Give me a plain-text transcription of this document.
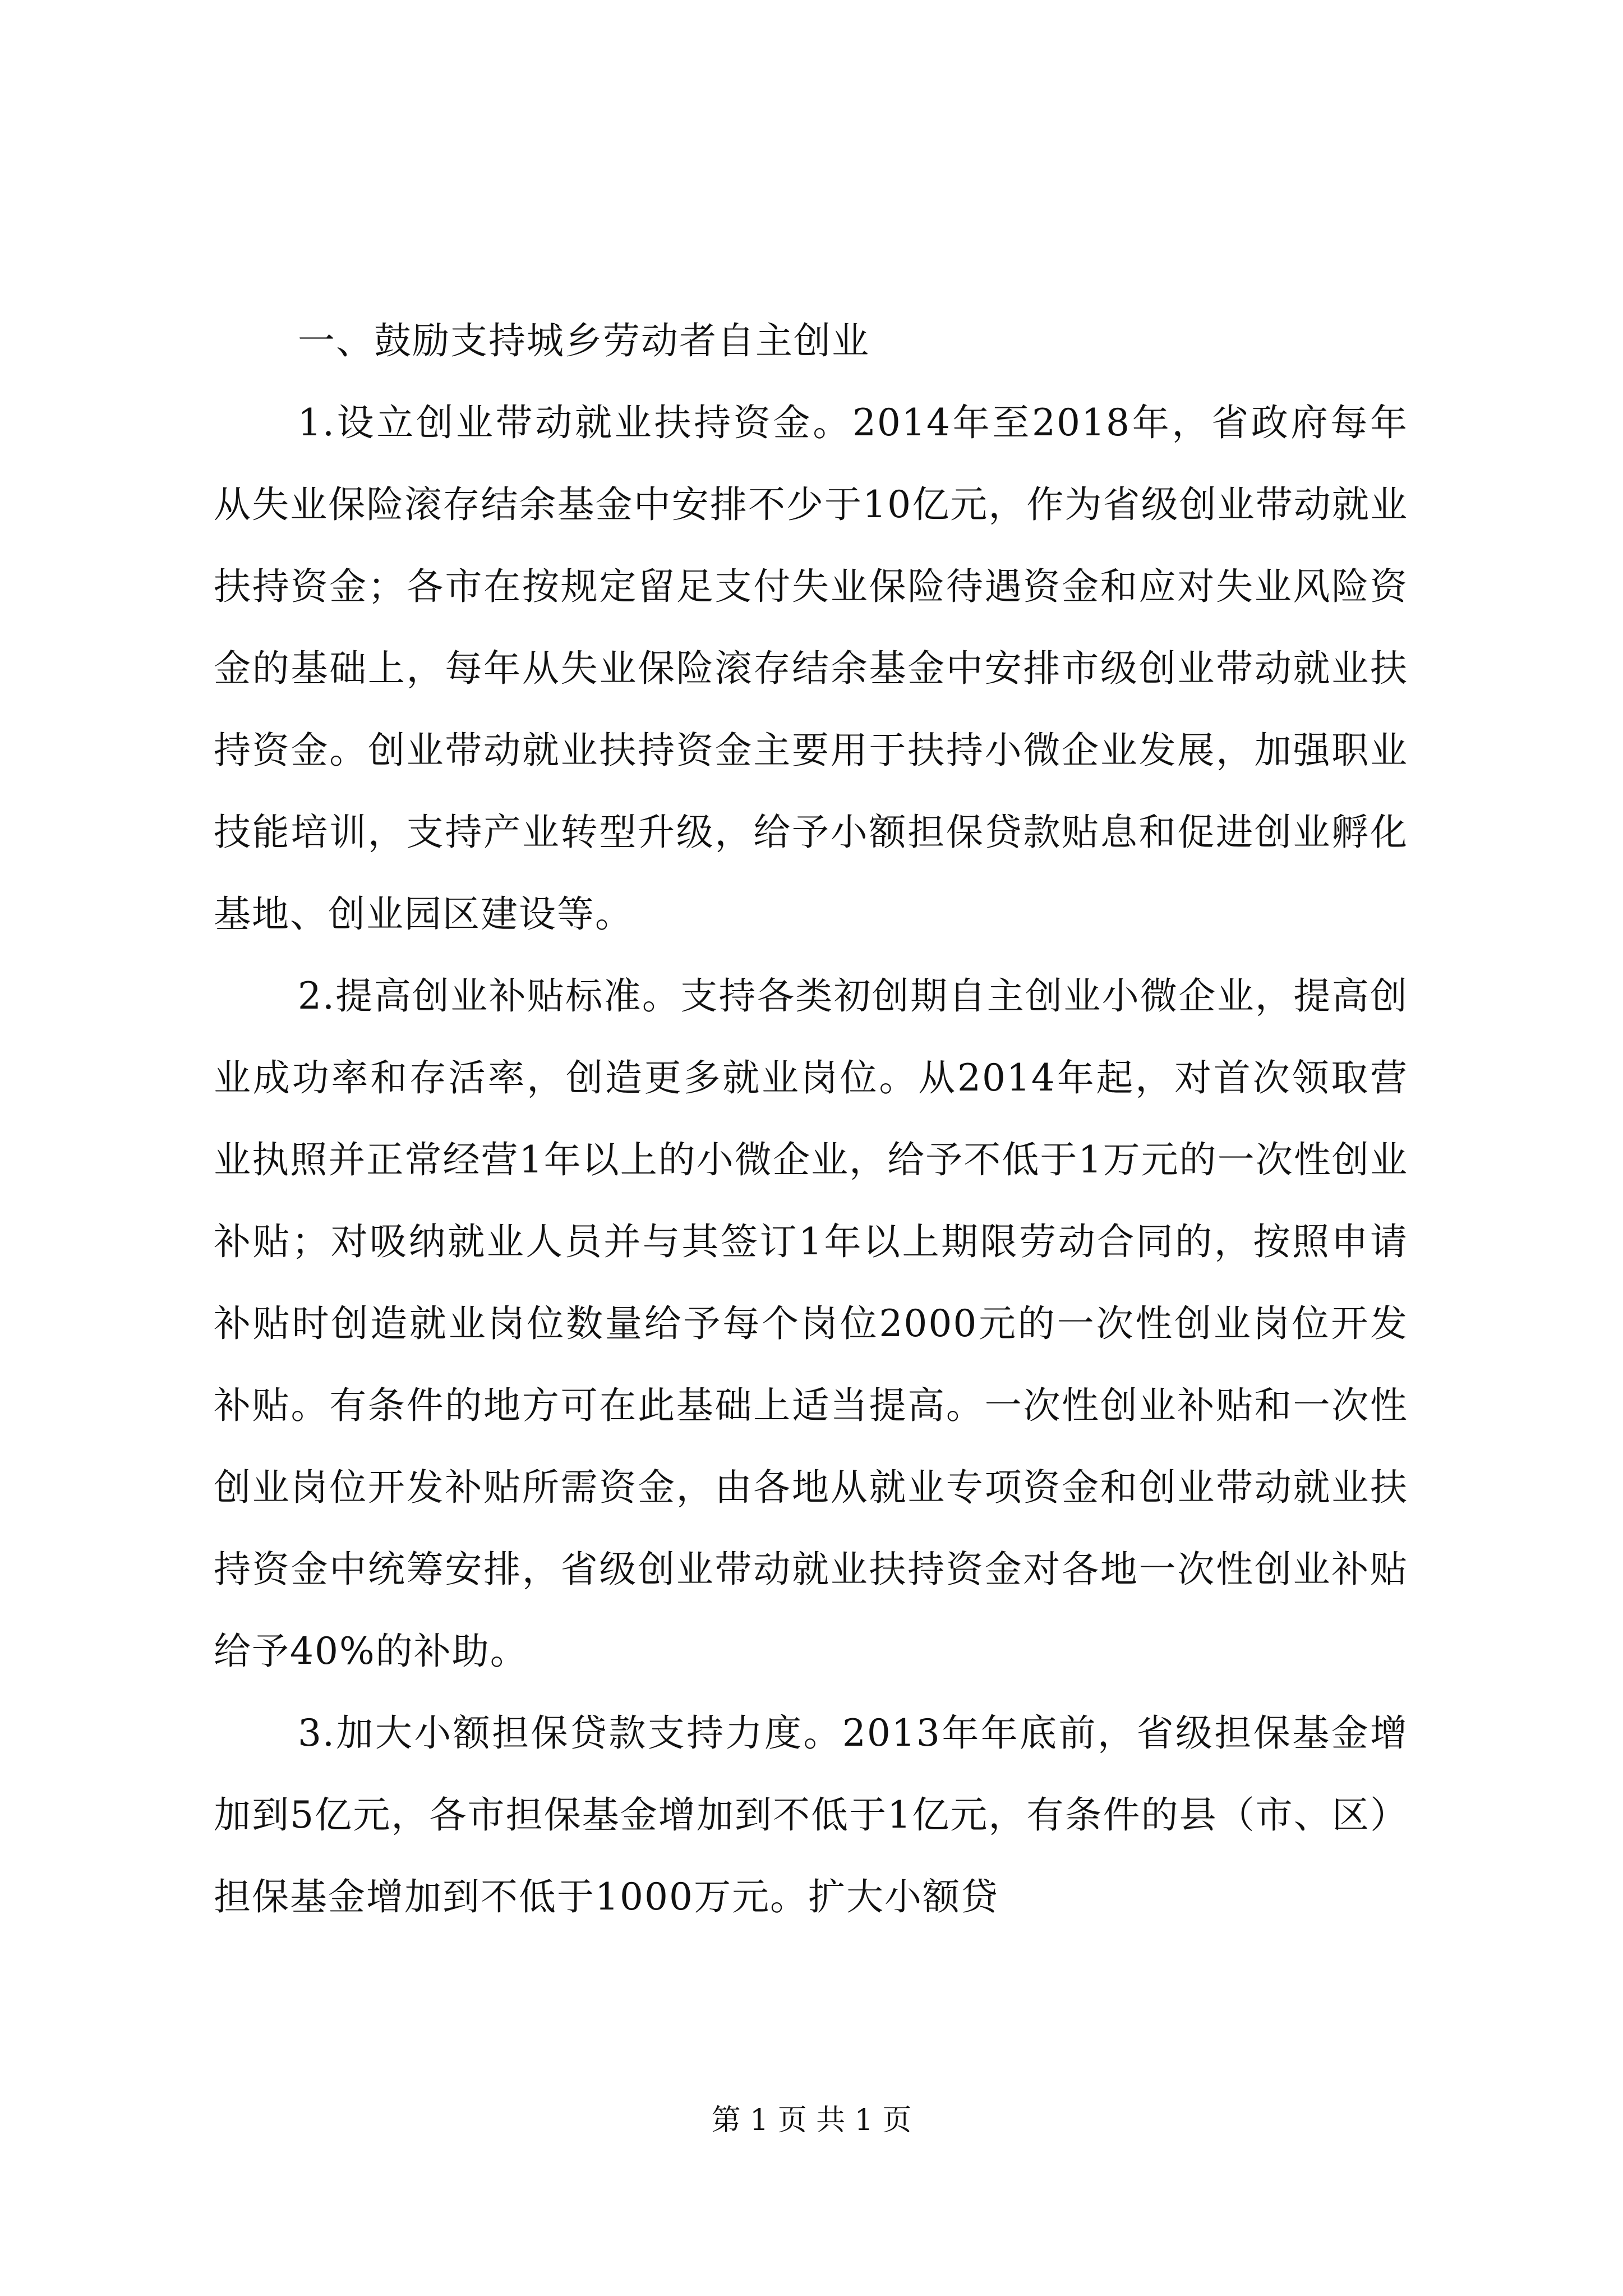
一、鼓励支持城乡劳动者自主创业

1.设立创业带动就业扶持资金。2014年至2018年，省政府每年从失业保险滚存结余基金中安排不少于10亿元，作为省级创业带动就业扶持资金；各市在按规定留足支付失业保险待遇资金和应对失业风险资金的基础上，每年从失业保险滚存结余基金中安排市级创业带动就业扶持资金。创业带动就业扶持资金主要用于扶持小微企业发展，加强职业技能培训，支持产业转型升级，给予小额担保贷款贴息和促进创业孵化基地、创业园区建设等。

2.提高创业补贴标准。支持各类初创期自主创业小微企业，提高创业成功率和存活率，创造更多就业岗位。从2014年起，对首次领取营业执照并正常经营1年以上的小微企业，给予不低于1万元的一次性创业补贴；对吸纳就业人员并与其签订1年以上期限劳动合同的，按照申请补贴时创造就业岗位数量给予每个岗位2000元的一次性创业岗位开发补贴。有条件的地方可在此基础上适当提高。一次性创业补贴和一次性创业岗位开发补贴所需资金，由各地从就业专项资金和创业带动就业扶持资金中统筹安排，省级创业带动就业扶持资金对各地一次性创业补贴给予40%的补助。

3.加大小额担保贷款支持力度。2013年年底前，省级担保基金增加到5亿元，各市担保基金增加到不低于1亿元，有条件的县（市、区）担保基金增加到不低于1000万元。扩大小额贷

第 1 页 共 1 页
